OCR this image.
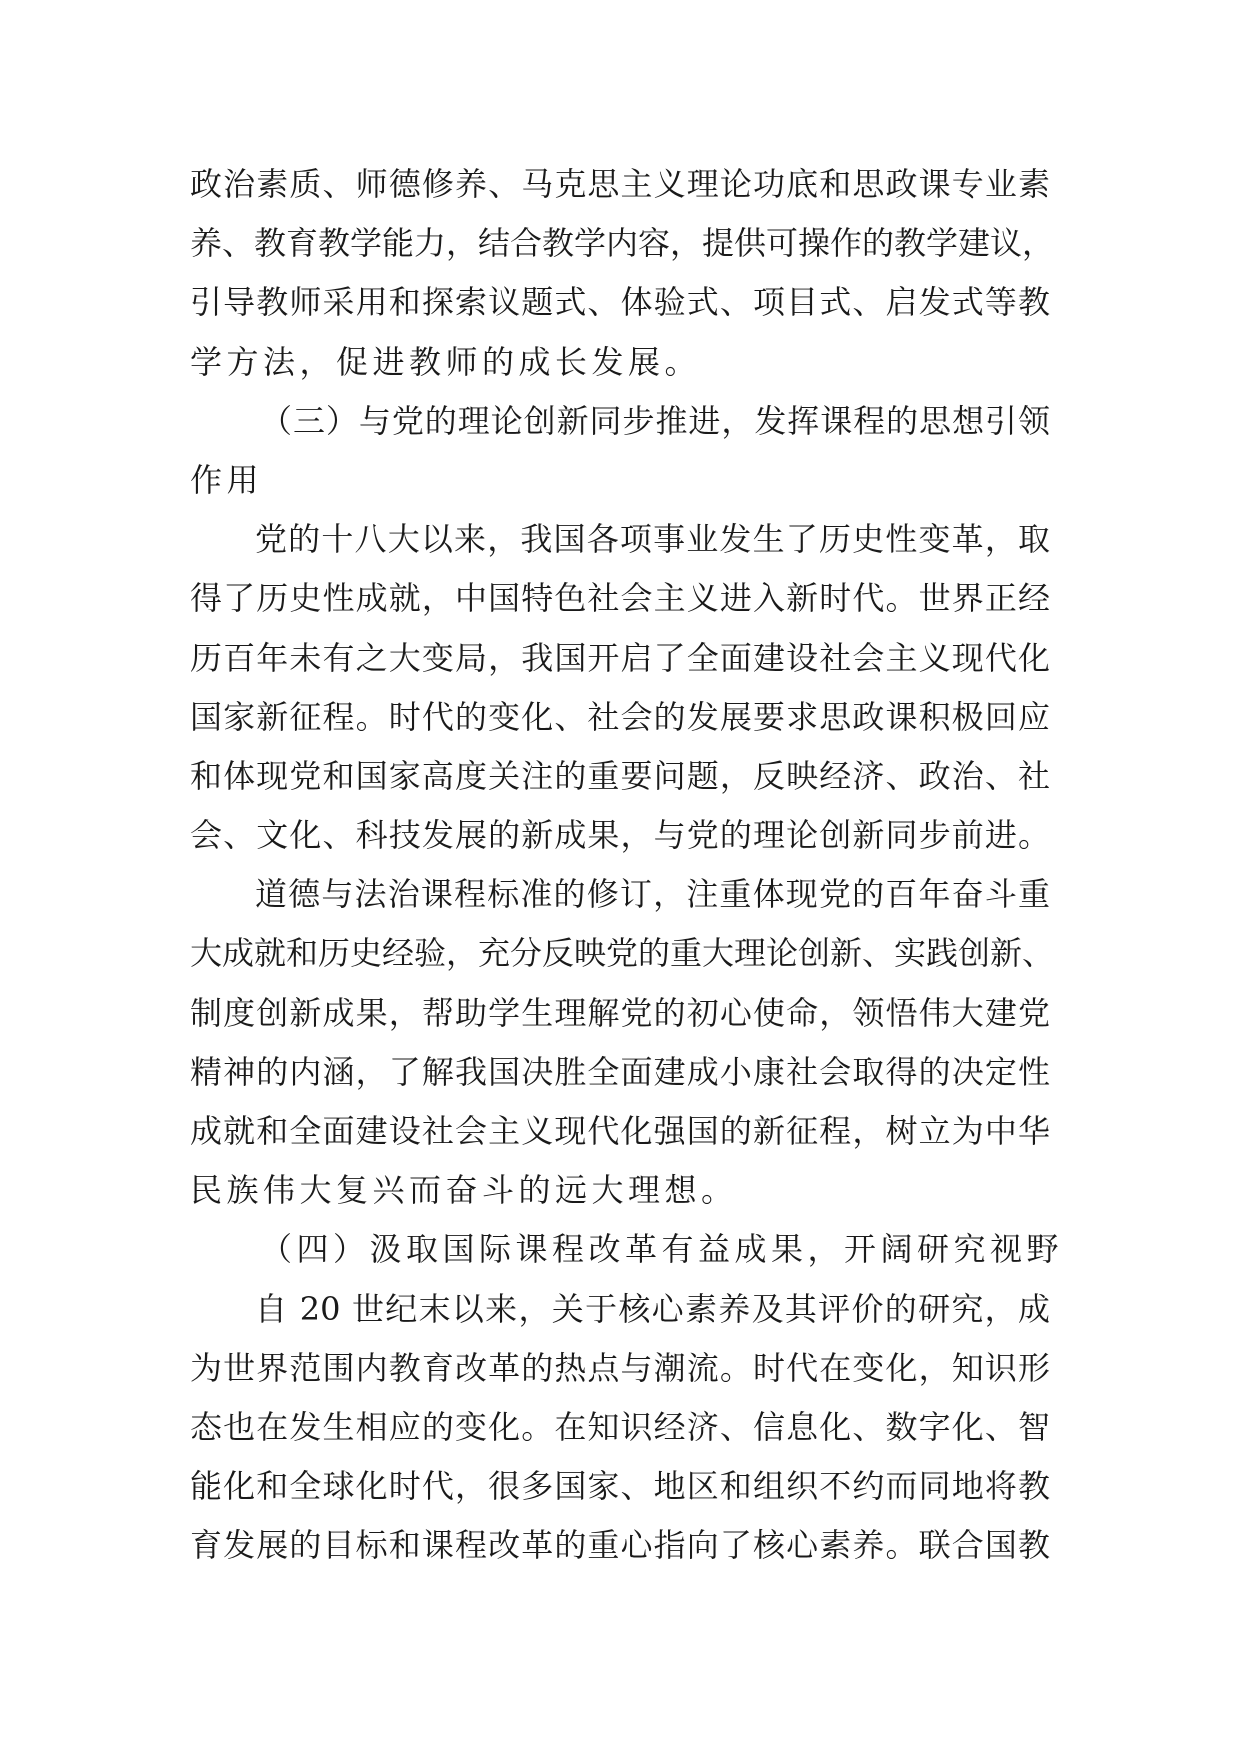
政治素质、师德修养、马克思主义理论功底和思政课专业素
养、教育教学能力，结合教学内容，提供可操作的教学建议，
引导教师采用和探索议题式、体验式、项目式、启发式等教
学方法，促进教师的成长发展。
（三）与党的理论创新同步推进，发挥课程的思想引领
作用
党的十八大以来，我国各项事业发生了历史性变革，取
得了历史性成就，中国特色社会主义进入新时代。世界正经
历百年未有之大变局，我国开启了全面建设社会主义现代化
国家新征程。时代的变化、社会的发展要求思政课积极回应
和体现党和国家高度关注的重要问题，反映经济、政治、社
会、文化、科技发展的新成果，与党的理论创新同步前进。
道德与法治课程标准的修订，注重体现党的百年奋斗重
大成就和历史经验，充分反映党的重大理论创新、实践创新、
制度创新成果，帮助学生理解党的初心使命，领悟伟大建党
精神的内涵，了解我国决胜全面建成小康社会取得的决定性
成就和全面建设社会主义现代化强国的新征程，树立为中华
民族伟大复兴而奋斗的远大理想。
（四）汲取国际课程改革有益成果，开阔研究视野
自 20 世纪末以来，关于核心素养及其评价的研究，成
为世界范围内教育改革的热点与潮流。时代在变化，知识形
态也在发生相应的变化。在知识经济、信息化、数字化、智
能化和全球化时代，很多国家、地区和组织不约而同地将教
育发展的目标和课程改革的重心指向了核心素养。联合国教
